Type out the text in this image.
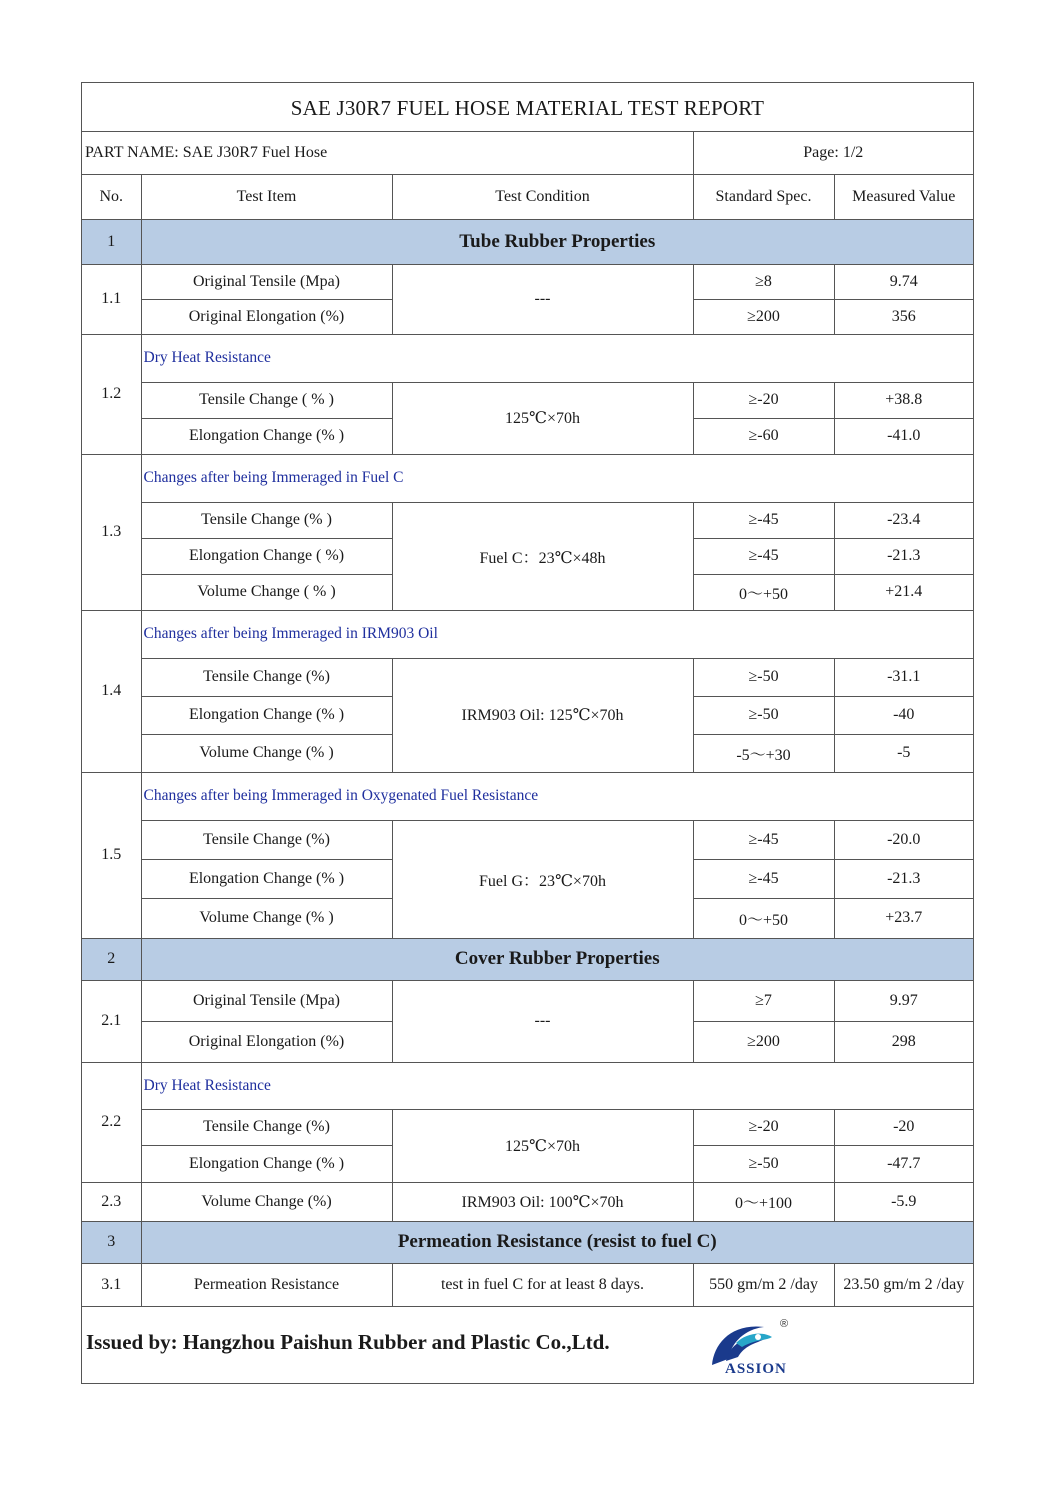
SAE J30R7 FUEL HOSE MATERIAL TEST REPORT
PART NAME: SAE J30R7 Fuel Hose			Page: 1/2	
No.	Test Item	Test Condition	Standard Spec.	Measured Value
1	Tube Rubber Properties			
1.1	Original Tensile (Mpa)	---	≥8	9.74
	Original Elongation (%)		≥200	356
1.2	Dry Heat Resistance			
	Tensile Change ( % )	125℃×70h	≥-20	+38.8
	Elongation Change (% )		≥-60	-41.0
1.3	Changes after being Immeraged in Fuel C			
	Tensile Change (% )	Fuel C：23℃×48h	≥-45	-23.4
	Elongation Change ( %)		≥-45	-21.3
	Volume Change ( % )		0～+50	+21.4
1.4	Changes after being Immeraged in IRM903 Oil			
	Tensile Change (%)	IRM903 Oil: 125℃×70h	≥-50	-31.1
	Elongation Change (% )		≥-50	-40
	Volume Change (% )		-5～+30	-5
1.5	Changes after being Immeraged in Oxygenated Fuel Resistance			
	Tensile Change (%)	Fuel G：23℃×70h	≥-45	-20.0
	Elongation Change (% )		≥-45	-21.3
	Volume Change (% )		0～+50	+23.7
2	Cover Rubber Properties			
2.1	Original Tensile (Mpa)	---	≥7	9.97
	Original Elongation (%)		≥200	298
2.2	Dry Heat Resistance			
	Tensile Change (%)	125℃×70h	≥-20	-20
	Elongation Change (% )		≥-50	-47.7
2.3	Volume Change (%)	IRM903 Oil: 100℃×70h	0～+100	-5.9
3	Permeation Resistance (resist to fuel C)			
3.1	Permeation Resistance	test in fuel C for at least 8 days.	550 gm/m 2 /day	23.50 gm/m 2 /day
Issued by: Hangzhou Paishun Rubber and Plastic Co.,Ltd.
ASSION
®
